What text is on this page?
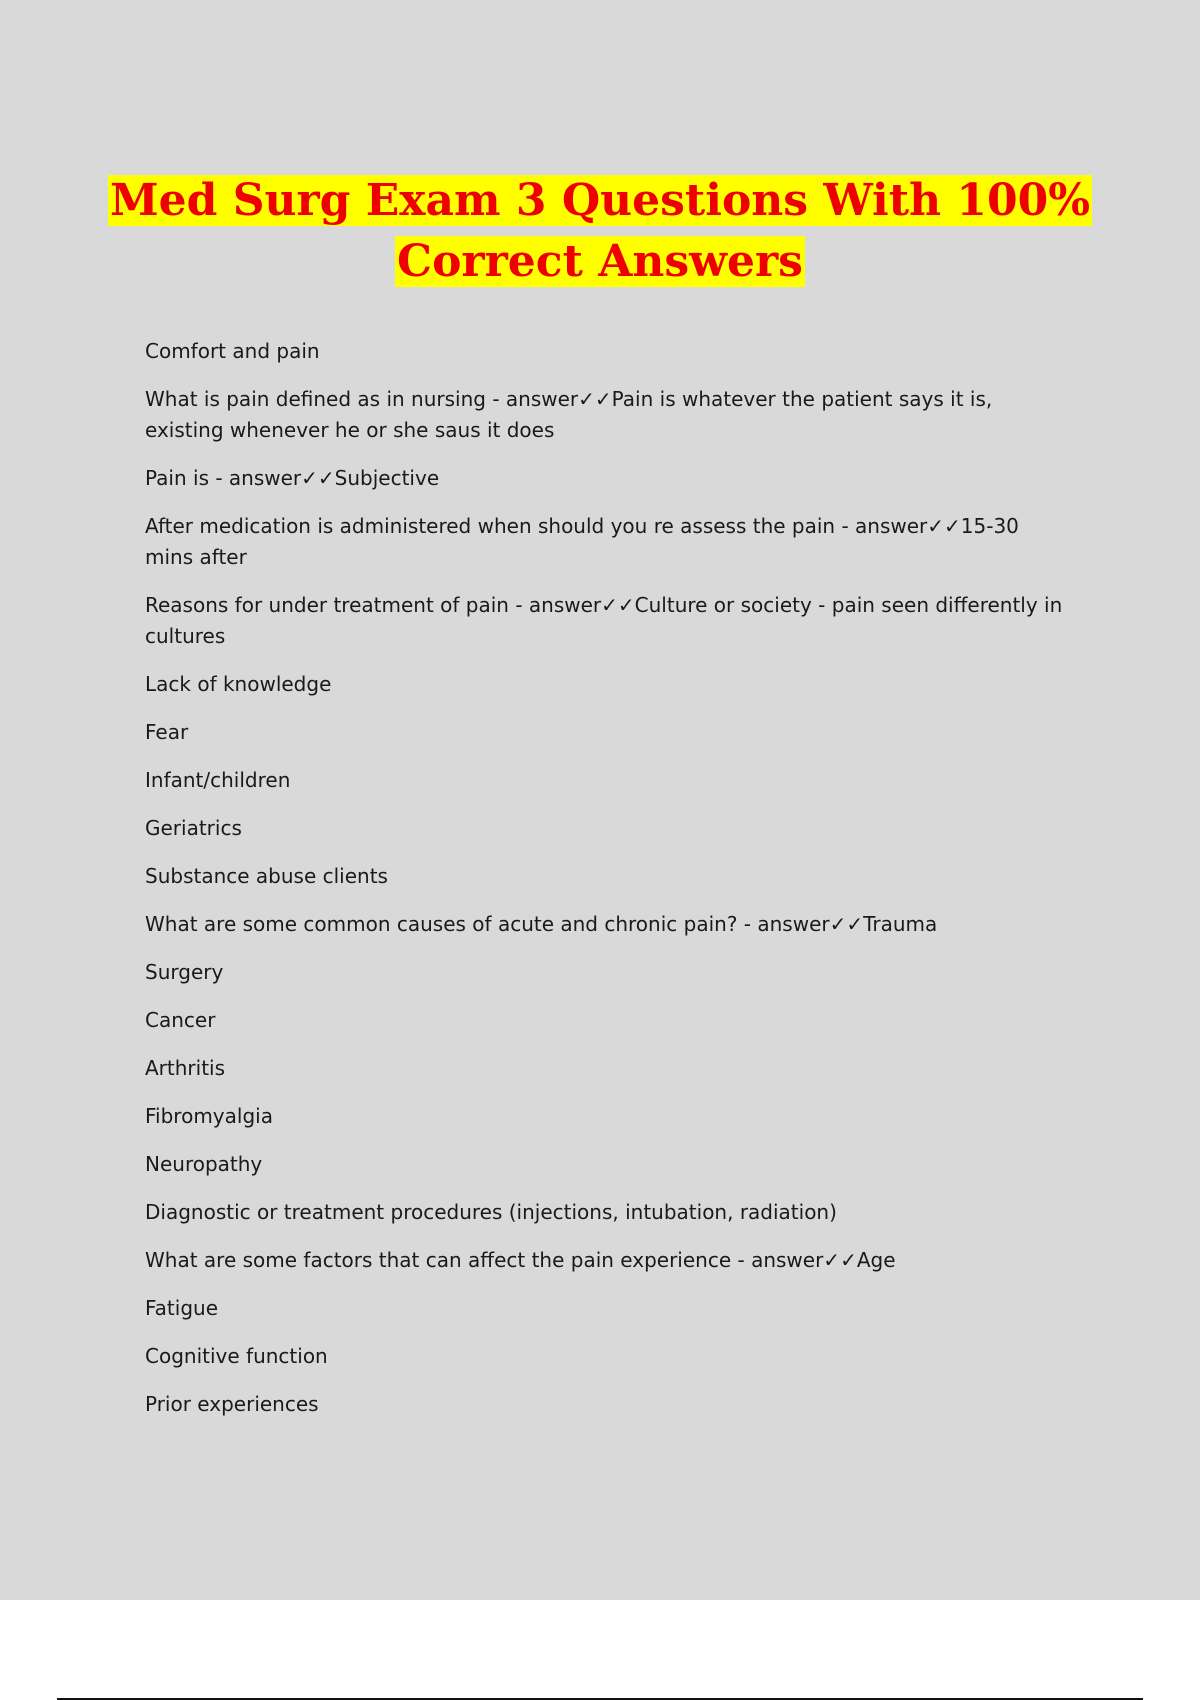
Med Surg Exam 3 Questions With 100%
Correct Answers

Comfort and pain

What is pain defined as in nursing - answer✓✓Pain is whatever the patient says it is, existing whenever he or she saus it does

Pain is - answer✓✓Subjective

After medication is administered when should you re assess the pain - answer✓✓15-30 mins after

Reasons for under treatment of pain - answer✓✓Culture or society - pain seen differently in cultures

Lack of knowledge

Fear

Infant/children

Geriatrics

Substance abuse clients

What are some common causes of acute and chronic pain? - answer✓✓Trauma

Surgery

Cancer

Arthritis

Fibromyalgia

Neuropathy

Diagnostic or treatment procedures (injections, intubation, radiation)

What are some factors that can affect the pain experience - answer✓✓Age

Fatigue

Cognitive function

Prior experiences
